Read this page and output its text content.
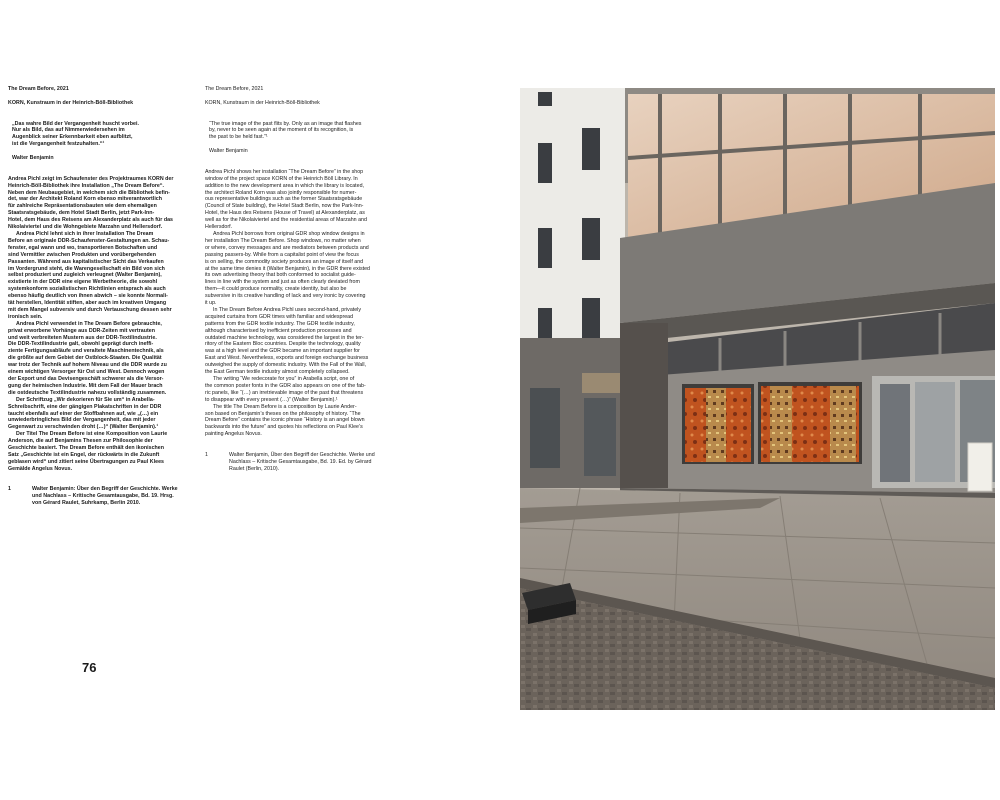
The Dream Before, 2021

KORN, Kunstraum in der Heinrich-Böll-Bibliothek

„Das wahre Bild der Vergangenheit huscht vorbei.

Nur als Bild, das auf Nimmerwiedersehen im

Augenblick seiner Erkennbarkeit eben aufblitzt,

ist die Vergangenheit festzuhalten.“¹

Walter Benjamin

Andrea Pichl zeigt im Schaufenster des Projektraumes KORN der

Heinrich-Böll-Bibliothek ihre Installation „The Dream Before“.

Neben dem Neubaugebiet, in welchem sich die Bibliothek befin-

det, war der Architekt Roland Korn ebenso mitverantwortlich

für zahlreiche Repräsentationsbauten wie dem ehemaligen

Staatsratsgebäude, dem Hotel Stadt Berlin, jetzt Park-Inn-

Hotel, dem Haus des Reisens am Alexanderplatz als auch für das

Nikolaiviertel und die Wohngebiete Marzahn und Hellersdorf.

Andrea Pichl lehnt sich in ihrer Installation The Dream

Before an originale DDR-Schaufenster-Gestaltungen an. Schau-

fenster, egal wann und wo, transportieren Botschaften und

sind Vermittler zwischen Produkten und vorübergehenden

Passanten. Während aus kapitalistischer Sicht das Verkaufen

im Vordergrund steht, die Warengesellschaft ein Bild von sich

selbst produziert und zugleich verleugnet (Walter Benjamin),

existierte in der DDR eine eigene Werbetheorie, die sowohl

systemkonform sozialistischen Richtlinien entsprach als auch

ebenso häufig deutlich von ihnen abwich – sie konnte Normali-

tät herstellen, Identität stiften, aber auch im kreativen Umgang

mit dem Mangel subversiv und durch Vertauschung dessen sehr

ironisch sein.

Andrea Pichl verwendet in The Dream Before gebrauchte,

privat erworbene Vorhänge aus DDR-Zeiten mit vertrauten

und weit verbreiteten Mustern aus der DDR-Textilindustrie.

Die DDR-Textilindustrie galt, obwohl geprägt durch ineffi-

ziente Fertigungsabläufe und veraltete Maschinentechnik, als

die größte auf dem Gebiet der Ostblock-Staaten. Die Qualität

war trotz der Technik auf hohem Niveau und die DDR wurde zu

einem wichtigen Versorger für Ost und West. Dennoch wogen

der Export und das Devisengeschäft schwerer als die Versor-

gung der heimischen Industrie. Mit dem Fall der Mauer brach

die ostdeutsche Textilindustrie nahezu vollständig zusammen.

Der Schriftzug „Wir dekorieren für Sie um“ in Arabella-

Schreibschrift, eine der gängigen Plakatschriften in der DDR

taucht ebenfalls auf einer der Stoffbahnen auf, wie „(…) ein

unwiederbringliches Bild der Vergangenheit, das mit jeder

Gegenwart zu verschwinden droht (…)“ (Walter Benjamin).¹

Der Titel The Dream Before ist eine Komposition von Laurie

Anderson, die auf Benjamins Thesen zur Philosophie der

Geschichte basiert. The Dream Before enthält den ikonischen

Satz „Geschichte ist ein Engel, der rückwärts in die Zukunft

geblasen wird“ und zitiert seine Übertragungen zu Paul Klees

Gemälde Angelus Novus.

1	Walter Benjamin: Über den Begriff der Geschichte. Werke

und Nachlass – Kritische Gesamtausgabe, Bd. 19. Hrsg.

von Gérard Raulet, Suhrkamp, Berlin 2010.

The Dream Before, 2021

KORN, Kunstraum in der Heinrich-Böll-Bibliothek

“The true image of the past flits by. Only as an image that flashes

by, never to be seen again at the moment of its recognition, is

the past to be held fast.”¹

Walter Benjamin

Andrea Pichl shows her installation “The Dream Before” in the shop

window of the project space KORN of the Heinrich Böll Library. In

addition to the new development area in which the library is located,

the architect Roland Korn was also jointly responsible for numer-

ous representative buildings such as the former Staatsratsgebäude

(Council of State building), the Hotel Stadt Berlin, now the Park-Inn-

Hotel, the Haus des Reisens (House of Travel) at Alexanderplatz, as

well as for the Nikolaiviertel and the residential areas of Marzahn and

Hellersdorf.

Andrea Pichl borrows from original GDR shop window designs in

her installation The Dream Before. Shop windows, no matter when

or where, convey messages and are mediators between products and

passing passers-by. While from a capitalist point of view the focus

is on selling, the commodity society produces an image of itself and

at the same time denies it (Walter Benjamin), in the GDR there existed

its own advertising theory that both conformed to socialist guide-

lines in line with the system and just as often clearly deviated from

them—it could produce normality, create identity, but also be

subversive in its creative handling of lack and very ironic by covering

it up.

In The Dream Before Andrea Pichl uses second-hand, privately

acquired curtains from GDR times with familiar and widespread

patterns from the GDR textile industry. The GDR textile industry,

although characterised by inefficient production processes and

outdated machine technology, was considered the largest in the ter-

ritory of the Eastern Bloc countries. Despite the technology, quality

was at a high level and the GDR became an important supplier for

East and West. Nevertheless, exports and foreign exchange business

outweighed the supply of domestic industry. With the Fall of the Wall,

the East German textile industry almost completely collapsed.

The writing “We redecorate for you” in Arabella script, one of

the common poster fonts in the GDR also appears on one of the fab-

ric panels, like “(…) an irretrievable image of the past that threatens

to disappear with every present (…)” (Walter Benjamin).¹

The title The Dream Before is a composition by Laurie Ander-

son based on Benjamin’s theses on the philosophy of history. “The

Dream Before” contains the iconic phrase “History is an angel blown

backwards into the future” and quotes his reflections on Paul Klee’s

painting Angelus Novus.

1	Walter Benjamin, Über den Begriff der Geschichte. Werke und

Nachlass – Kritische Gesamtausgabe, Bd. 19. Ed. by Gérard

Raulet (Berlin, 2010).

76
